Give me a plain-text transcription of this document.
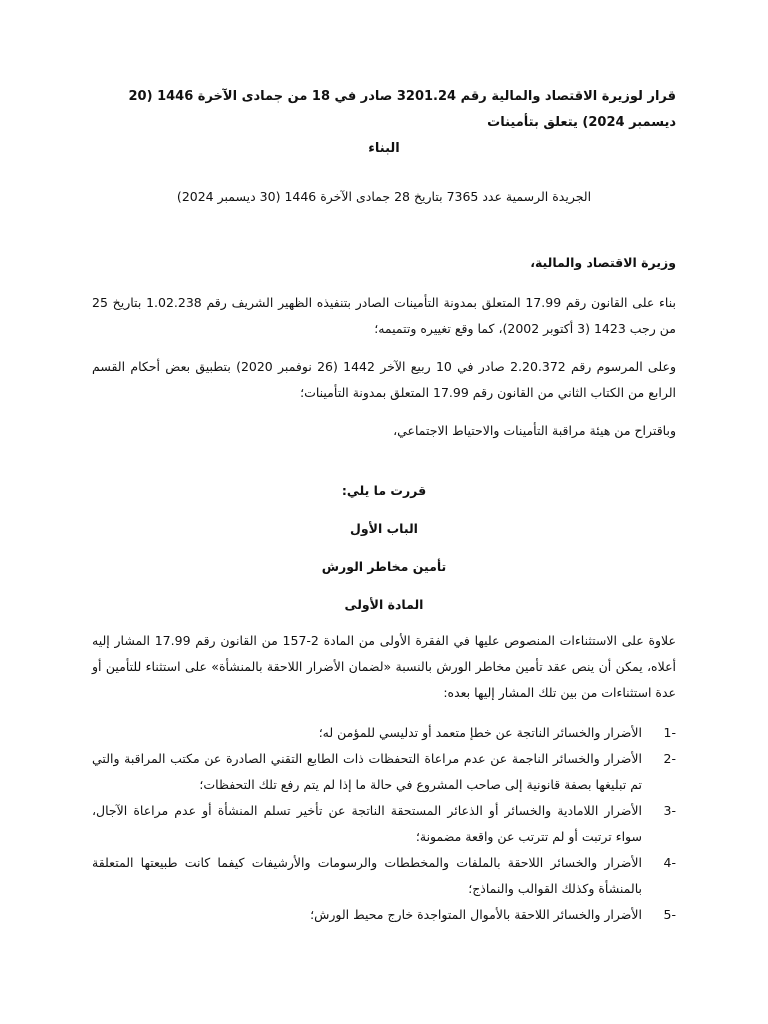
قرار لوزيرة الاقتصاد والمالية رقم 3201.24 صادر في 18 من جمادى الآخرة 1446 (20 ديسمبر 2024) يتعلق بتأمينات

البناء

الجريدة الرسمية عدد 7365 بتاريخ 28 جمادى الآخرة 1446 (30 ديسمبر 2024)
وزيرة الاقتصاد والمالية،

بناء على القانون رقم 17.99 المتعلق بمدونة التأمينات الصادر بتنفيذه الظهير الشريف رقم 1.02.238 بتاريخ 25 من رجب 1423 (3 أكتوبر 2002)، كما وقع تغييره وتتميمه؛

وعلى المرسوم رقم 2.20.372 صادر في 10 ربيع الآخر 1442 (26 نوفمبر 2020) بتطبيق بعض أحكام القسم الرابع من الكتاب الثاني من القانون رقم 17.99 المتعلق بمدونة التأمينات؛

وباقتراح من هيئة مراقبة التأمينات والاحتياط الاجتماعي،

قررت ما يلي:

الباب الأول

تأمين مخاطر الورش

المادة الأولى

علاوة على الاستثناءات المنصوص عليها في الفقرة الأولى من المادة 2-157 من القانون رقم 17.99 المشار إليه أعلاه، يمكن أن ينص عقد تأمين مخاطر الورش بالنسبة «لضمان الأضرار اللاحقة بالمنشأة» على استثناء للتأمين أو عدة استثناءات من بين تلك المشار إليها بعده:

-1
الأضرار والخسائر الناتجة عن خطإ متعمد أو تدليسي للمؤمن له؛
-2
الأضرار والخسائر الناجمة عن عدم مراعاة التحفظات ذات الطابع التقني الصادرة عن مكتب المراقبة والتي تم تبليغها بصفة قانونية إلى صاحب المشروع في حالة ما إذا لم يتم رفع تلك التحفظات؛
-3
الأضرار اللامادية والخسائر أو الذعائر المستحقة الناتجة عن تأخير تسلم المنشأة أو عدم مراعاة الآجال، سواء ترتبت أو لم تترتب عن واقعة مضمونة؛
-4
الأضرار والخسائر اللاحقة بالملفات والمخططات والرسومات والأرشيفات كيفما كانت طبيعتها المتعلقة بالمنشأة وكذلك القوالب والنماذج؛
-5
الأضرار والخسائر اللاحقة بالأموال المتواجدة خارج محيط الورش؛
